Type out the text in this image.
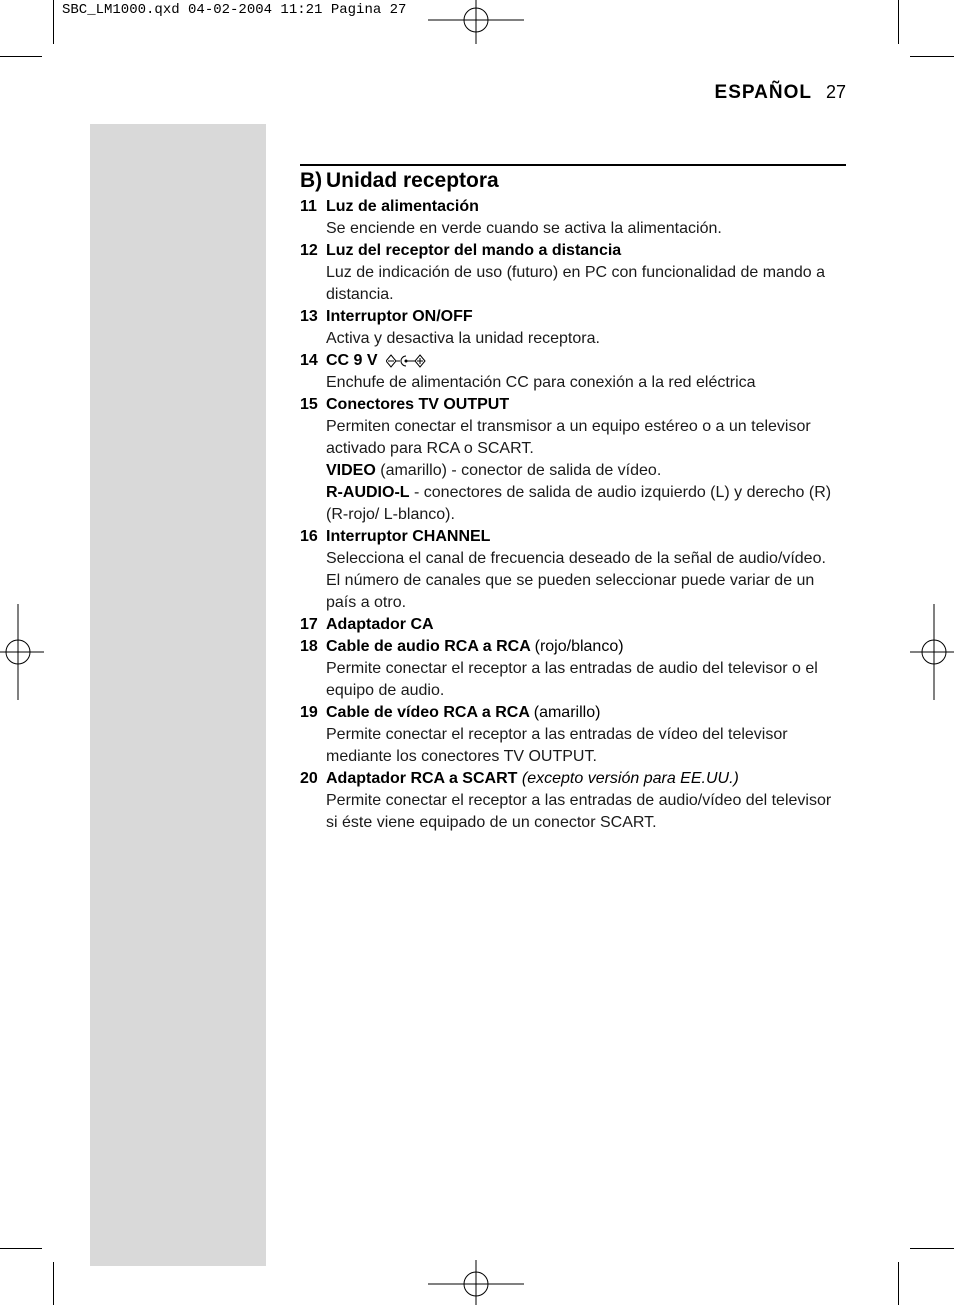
SBC_LM1000.qxd 04-02-2004 11:21 Pagina 27
ESPAÑOL 27
B) Unidad receptora
11 Luz de alimentación
Se enciende en verde cuando se activa la alimentación.
12 Luz del receptor del mando a distancia
Luz de indicación de uso (futuro) en PC con funcionalidad de mando a distancia.
13 Interruptor ON/OFF
Activa y desactiva la unidad receptora.
14 CC 9 V
Enchufe de alimentación CC para conexión a la red eléctrica
15 Conectores TV OUTPUT
Permiten conectar el transmisor a un equipo estéreo o a un televisor activado para RCA o SCART.
VIDEO (amarillo) - conector de salida de vídeo.
R-AUDIO-L - conectores de salida de audio izquierdo (L) y derecho (R) (R-rojo/ L-blanco).
16 Interruptor CHANNEL
Selecciona el canal de frecuencia deseado de la señal de audio/vídeo.
El número de canales que se pueden seleccionar puede variar de un país a otro.
17 Adaptador CA
18 Cable de audio RCA a RCA (rojo/blanco)
Permite conectar el receptor a las entradas de audio del televisor o el equipo de audio.
19 Cable de vídeo RCA a RCA (amarillo)
Permite conectar el receptor a las entradas de vídeo del televisor mediante los conectores TV OUTPUT.
20 Adaptador RCA a SCART (excepto versión para EE.UU.)
Permite conectar el receptor a las entradas de audio/vídeo del televisor si éste viene equipado de un conector SCART.
